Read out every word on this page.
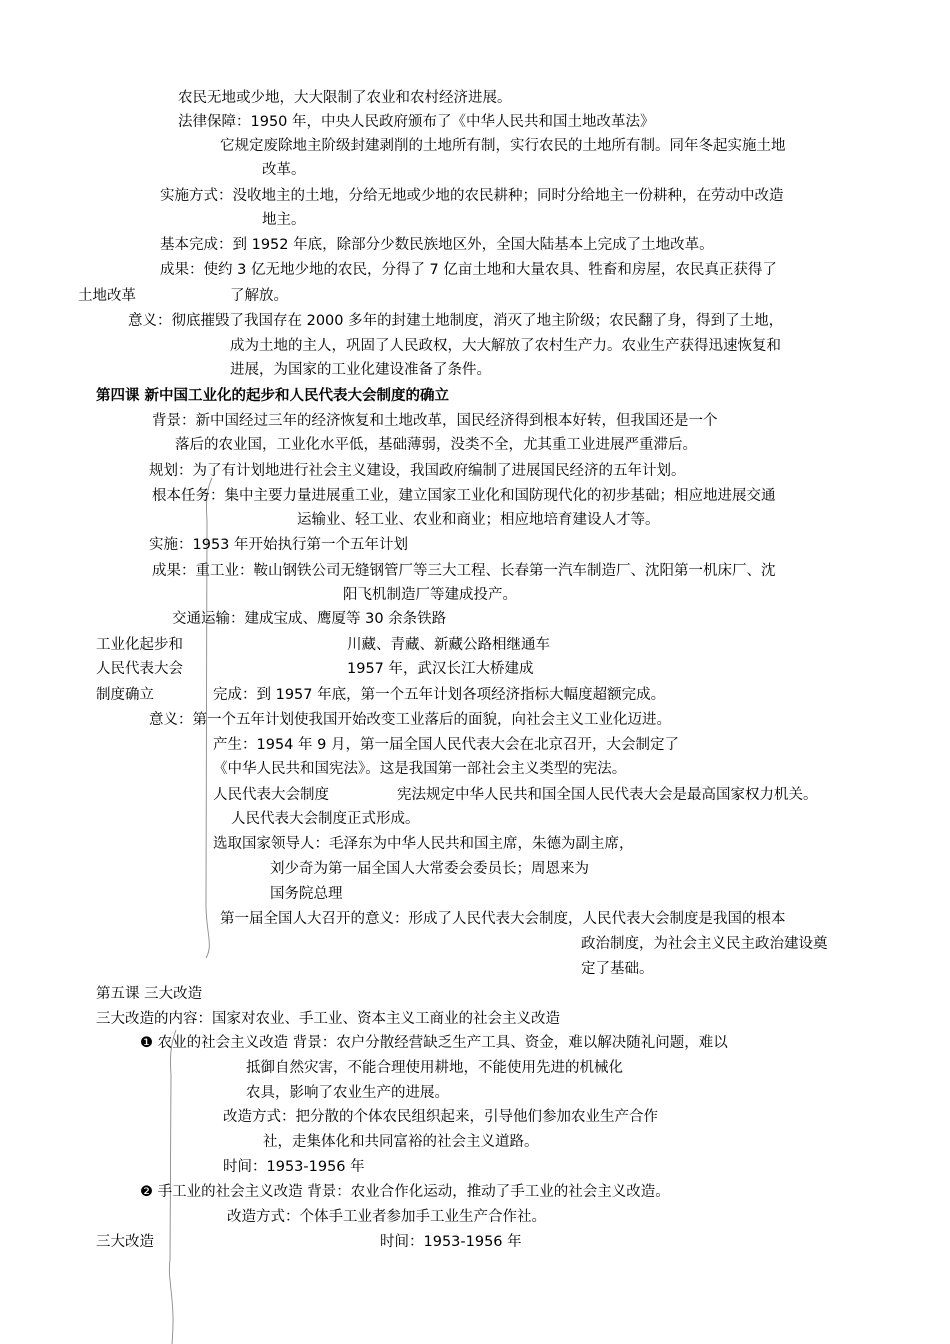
农民无地或少地，大大限制了农业和农村经济进展。
法律保障：1950 年，中央人民政府颁布了《中华人民共和国土地改革法》
它规定废除地主阶级封建剥削的土地所有制，实行农民的土地所有制。同年冬起实施土地
改革。
实施方式：没收地主的土地，分给无地或少地的农民耕种；同时分给地主一份耕种，在劳动中改造
地主。
基本完成：到 1952 年底，除部分少数民族地区外，全国大陆基本上完成了土地改革。
成果：使约 3 亿无地少地的农民，分得了 7 亿亩土地和大量农具、牲畜和房屋，农民真正获得了
土地改革	了解放。
意义：彻底摧毁了我国存在 2000 多年的封建土地制度，消灭了地主阶级；农民翻了身，得到了土地，
成为土地的主人，巩固了人民政权，大大解放了农村生产力。农业生产获得迅速恢复和
进展，为国家的工业化建设准备了条件。
第四课 新中国工业化的起步和人民代表大会制度的确立
背景：新中国经过三年的经济恢复和土地改革，国民经济得到根本好转，但我国还是一个
落后的农业国，工业化水平低，基础薄弱，没类不全，尤其重工业进展严重滞后。
规划：为了有计划地进行社会主义建设，我国政府编制了进展国民经济的五年计划。
根本任务：集中主要力量进展重工业，建立国家工业化和国防现代化的初步基础；相应地进展交通
运输业、轻工业、农业和商业；相应地培育建设人才等。
实施：1953 年开始执行第一个五年计划
成果：重工业：鞍山钢铁公司无缝钢管厂等三大工程、长春第一汽车制造厂、沈阳第一机床厂、沈
阳飞机制造厂等建成投产。
交通运输：建成宝成、鹰厦等 30 余条铁路
工业化起步和	川藏、青藏、新藏公路相继通车
人民代表大会	1957 年，武汉长江大桥建成
制度确立	完成：到 1957 年底，第一个五年计划各项经济指标大幅度超额完成。
意义：第一个五年计划使我国开始改变工业落后的面貌，向社会主义工业化迈进。
产生：1954 年 9 月，第一届全国人民代表大会在北京召开，大会制定了
《中华人民共和国宪法》。这是我国第一部社会主义类型的宪法。
人民代表大会制度	宪法规定中华人民共和国全国人民代表大会是最高国家权力机关。
人民代表大会制度正式形成。
选取国家领导人：毛泽东为中华人民共和国主席，朱德为副主席，
刘少奇为第一届全国人大常委会委员长；周恩来为
国务院总理
第一届全国人大召开的意义：形成了人民代表大会制度，人民代表大会制度是我国的根本
政治制度，为社会主义民主政治建设奠
定了基础。
第五课 三大改造
三大改造的内容：国家对农业、手工业、资本主义工商业的社会主义改造
❶ 农业的社会主义改造 背景：农户分散经营缺乏生产工具、资金，难以解决随礼问题，难以
抵御自然灾害，不能合理使用耕地，不能使用先进的机械化
农具，影响了农业生产的进展。
改造方式：把分散的个体农民组织起来，引导他们参加农业生产合作
社，走集体化和共同富裕的社会主义道路。
时间：1953-1956 年
❷ 手工业的社会主义改造 背景：农业合作化运动，推动了手工业的社会主义改造。
改造方式：个体手工业者参加手工业生产合作社。
三大改造	时间：1953-1956 年
